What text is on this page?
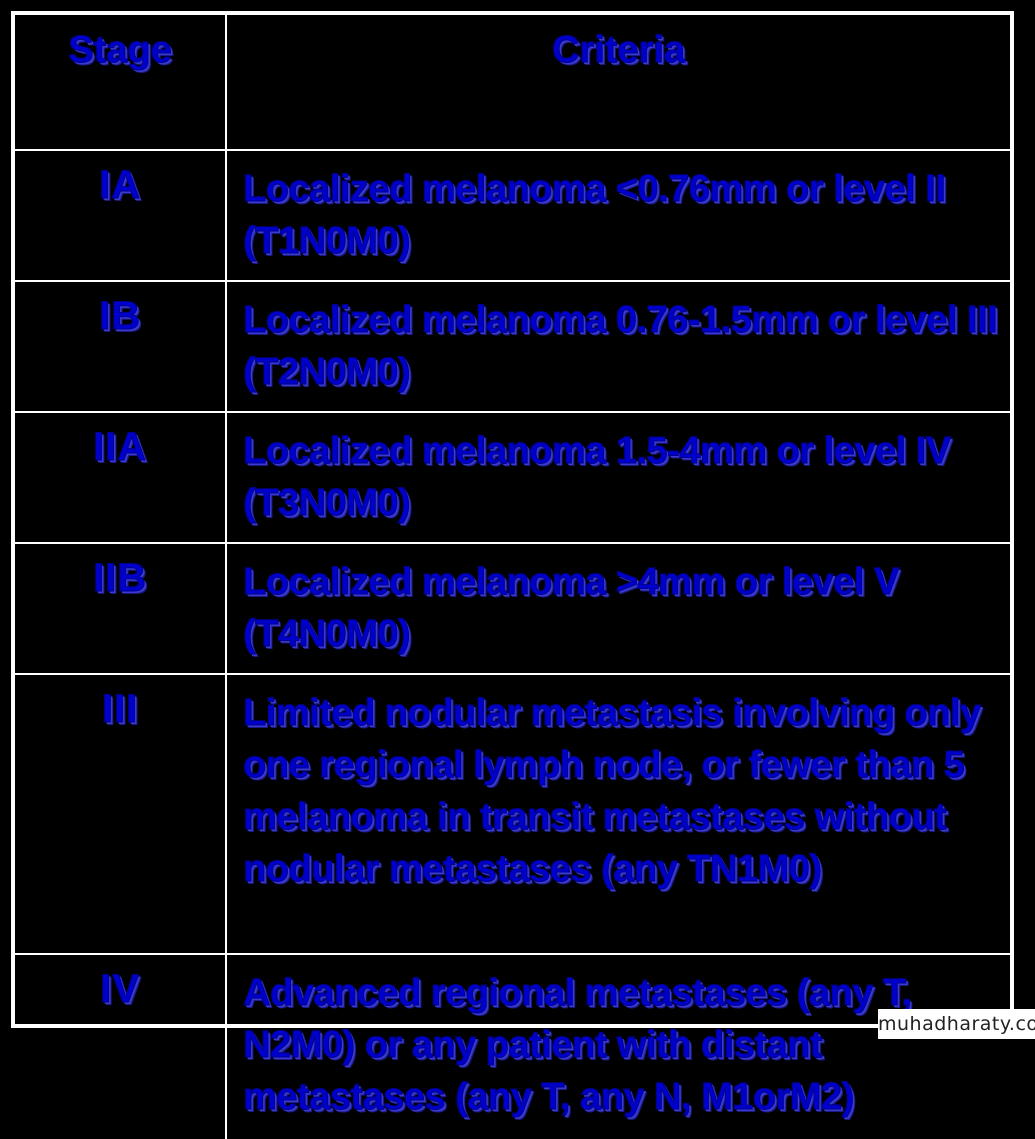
Stage	Criteria
IA	Localized melanoma <0.76mm or level II (T1N0M0)
IB	Localized melanoma 0.76-1.5mm or level III (T2N0M0)
IIA	Localized melanoma 1.5-4mm or level IV (T3N0M0)
IIB	Localized melanoma >4mm or level V (T4N0M0)
III	Limited nodular metastasis involving only one regional lymph node, or fewer than 5 melanoma in transit metastases without nodular metastases (any TN1M0)
IV	Advanced regional metastases (any T, N2M0) or any patient with distant metastases (any T, any N, M1orM2)
muhadharaty.co
